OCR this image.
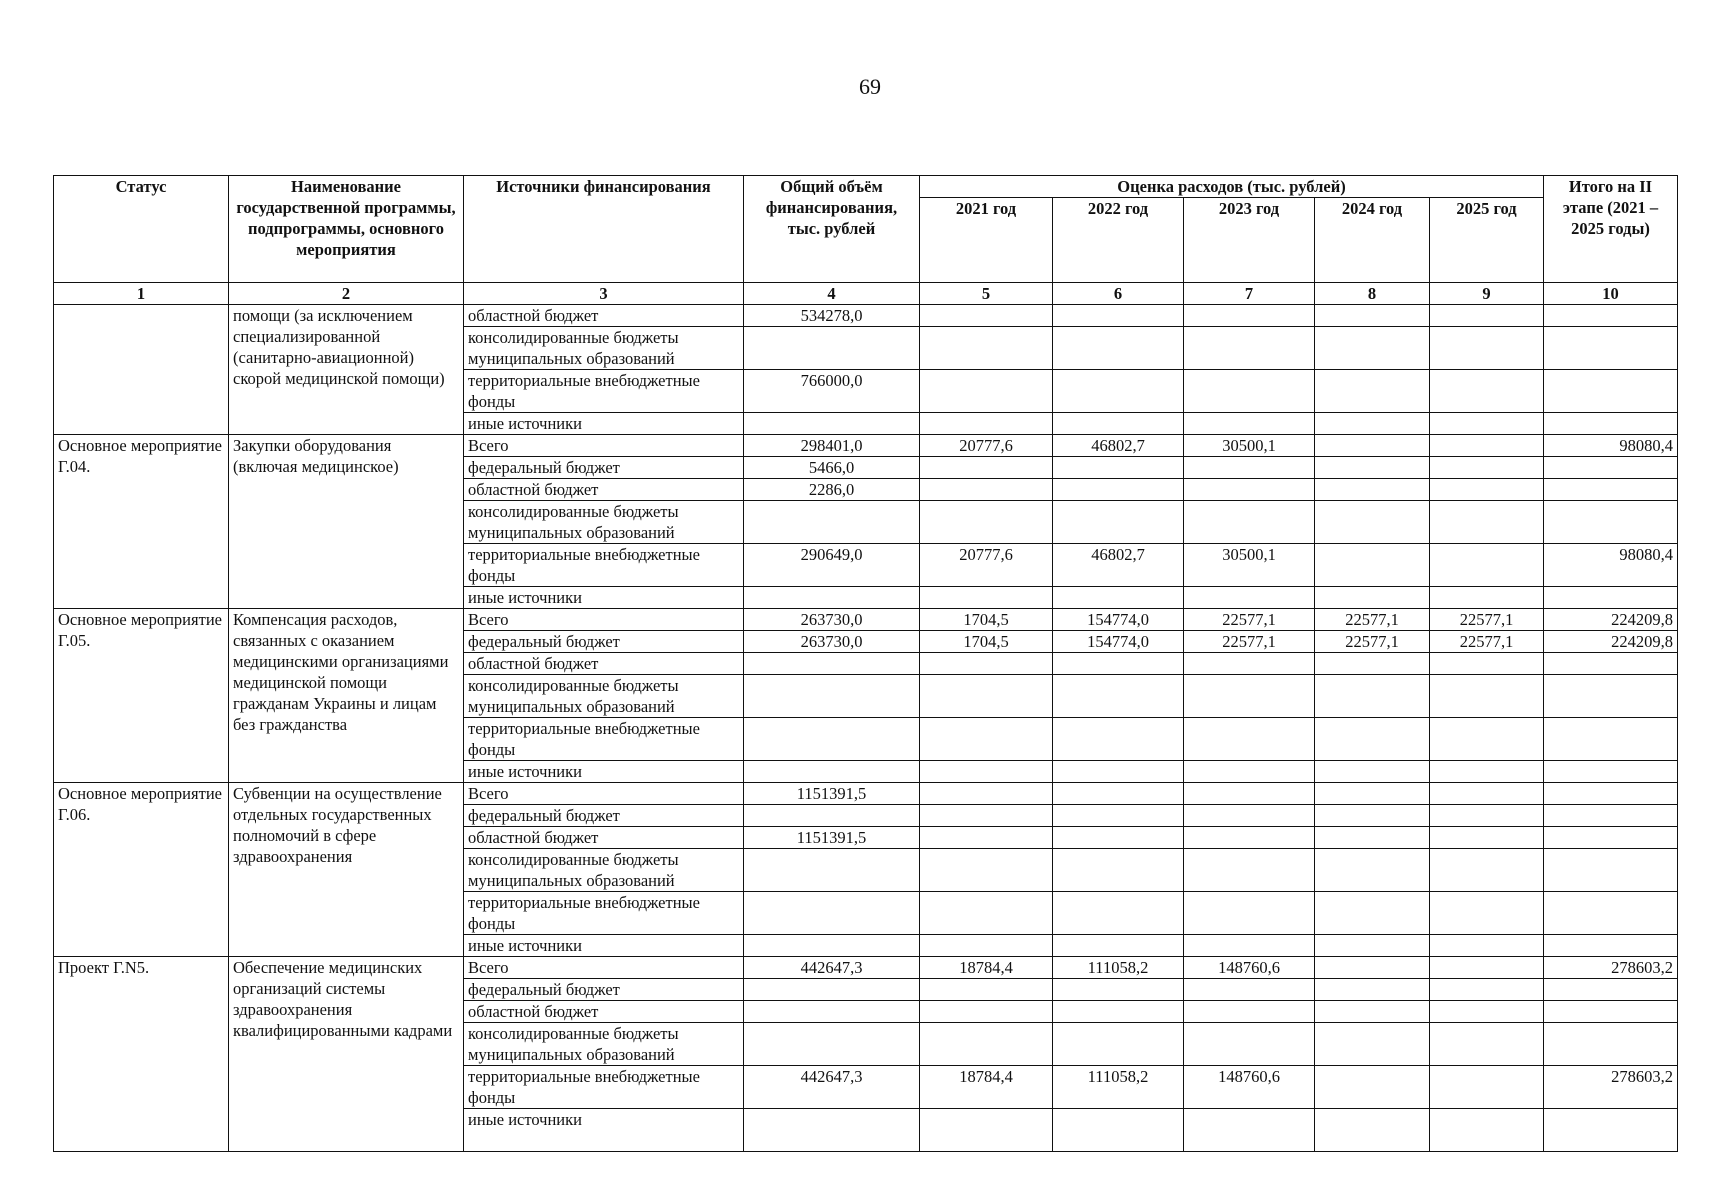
69
Статус	Наименование государственной программы, подпрограммы, основного мероприятия	Источники финансирования	Общий объём финансирования, тыс. рублей	Оценка расходов (тыс. рублей)					Итого на II этапе (2021 – 2025 годы)
				2021 год	2022 год	2023 год	2024 год	2025 год	
1	2	3	4	5	6	7	8	9	10
	помощи (за исключением специализированной (санитарно-авиационной) скорой медицинской помощи)	областной бюджет	534278,0						
		консолидированные бюджеты муниципальных образований							
		территориальные внебюджетные фонды	766000,0						
		иные источники							
Основное мероприятие Г.04.	Закупки оборудования (включая медицинское)	Всего	298401,0	20777,6	46802,7	30500,1			98080,4
		федеральный бюджет	5466,0						
		областной бюджет	2286,0						
		консолидированные бюджеты муниципальных образований							
		территориальные внебюджетные фонды	290649,0	20777,6	46802,7	30500,1			98080,4
		иные источники							
Основное мероприятие Г.05.	Компенсация расходов, связанных с оказанием медицинскими организациями медицинской помощи гражданам Украины и лицам без гражданства	Всего	263730,0	1704,5	154774,0	22577,1	22577,1	22577,1	224209,8
		федеральный бюджет	263730,0	1704,5	154774,0	22577,1	22577,1	22577,1	224209,8
		областной бюджет							
		консолидированные бюджеты муниципальных образований							
		территориальные внебюджетные фонды							
		иные источники							
Основное мероприятие Г.06.	Субвенции на осуществление отдельных государственных полномочий в сфере здравоохранения	Всего	1151391,5						
		федеральный бюджет							
		областной бюджет	1151391,5						
		консолидированные бюджеты муниципальных образований							
		территориальные внебюджетные фонды							
		иные источники							
Проект Г.N5.	Обеспечение медицинских организаций системы здравоохранения квалифицированными кадрами	Всего	442647,3	18784,4	111058,2	148760,6			278603,2
		федеральный бюджет							
		областной бюджет							
		консолидированные бюджеты муниципальных образований							
		территориальные внебюджетные фонды	442647,3	18784,4	111058,2	148760,6			278603,2
		иные источники							
